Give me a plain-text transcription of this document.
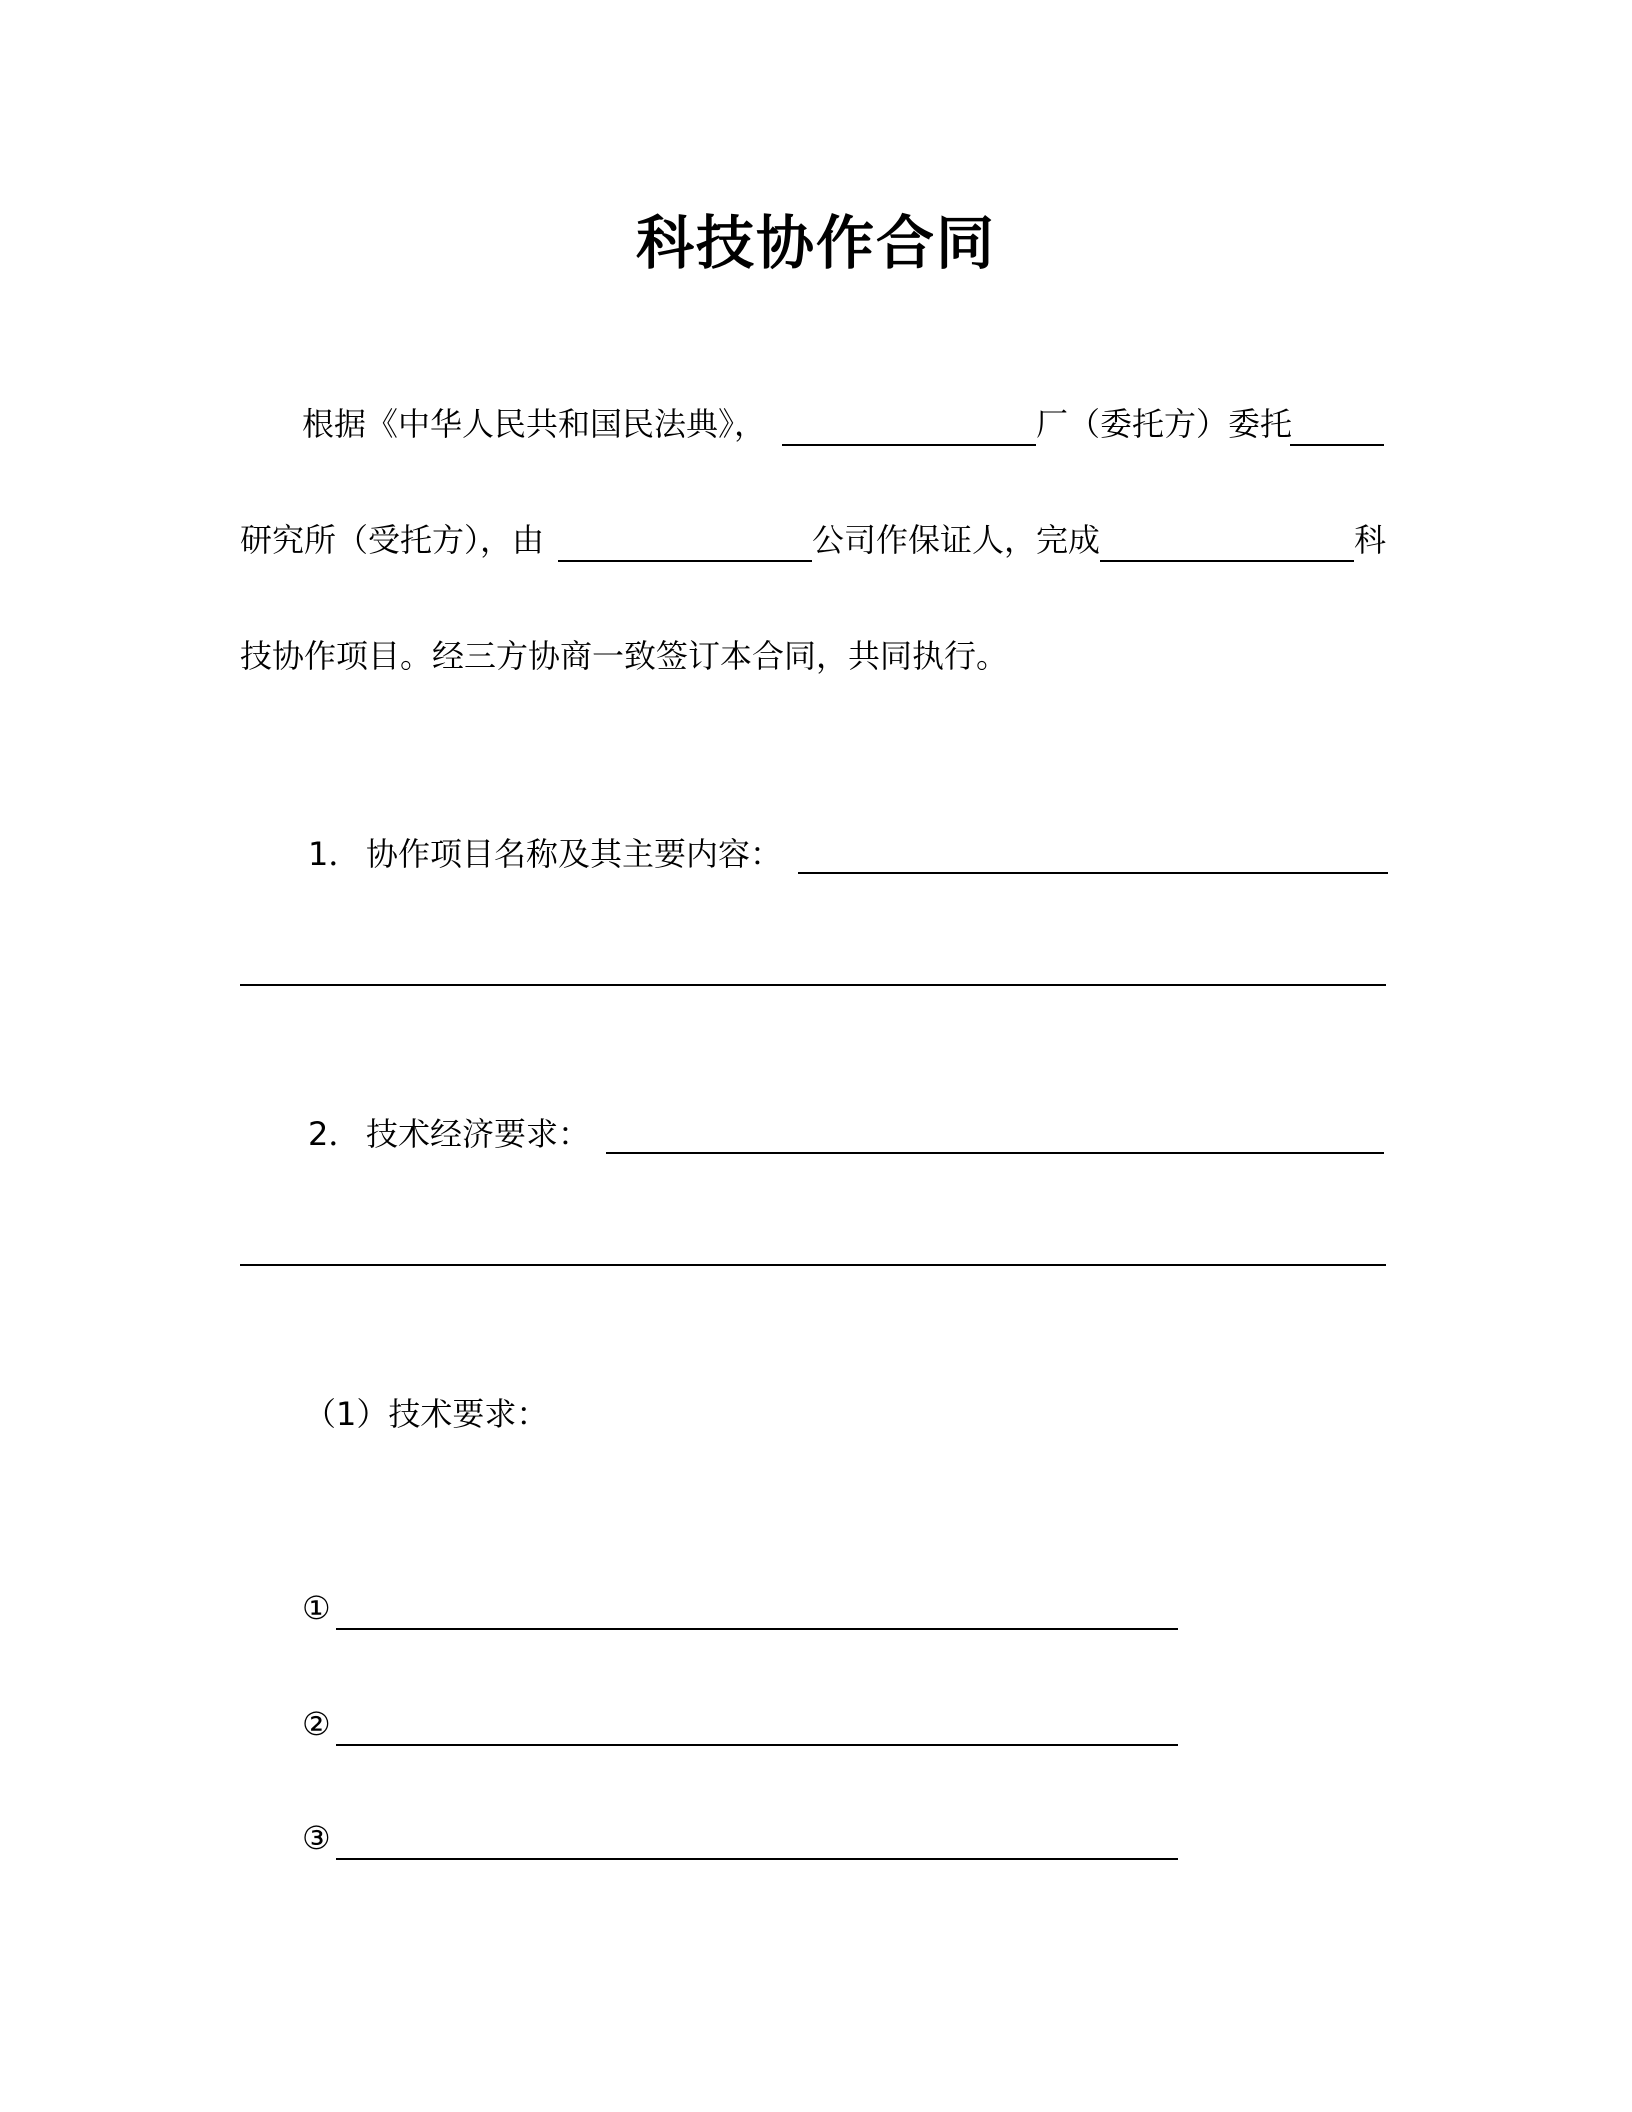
科技协作合同
根据《中华人民共和国民法典》，	厂（委托方）委托
研究所（受托方），由	公司作保证人，完成	科
技协作项目。经三方协商一致签订本合同，共同执行。
1． 协作项目名称及其主要内容：
2． 技术经济要求：
（1）技术要求：
①
②
③
